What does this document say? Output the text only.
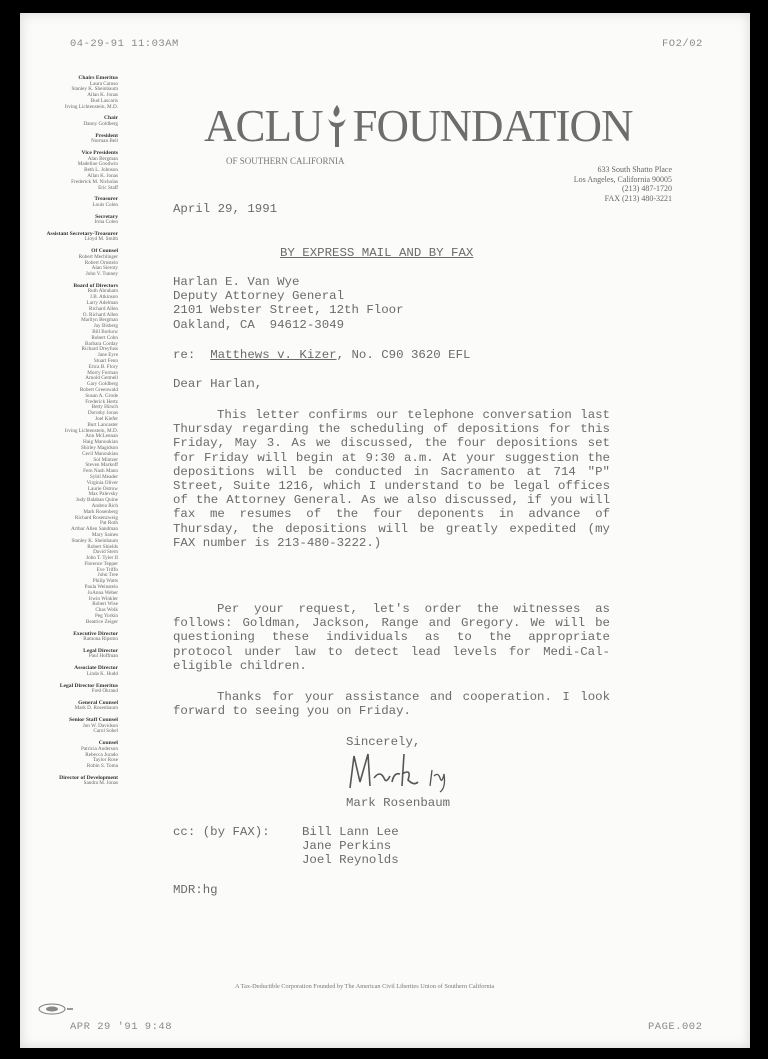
04-29-91 11:03AM	FO2/02
Chairs Emeritus
Laura Caruso
Stanley K. Sheinbaum
Allan K. Jonas
Bud Lascaris
Irving Lichtenstein, M.D.
Chair
Danny Goldberg
President
Norman Bell
Vice Presidents
Alan Bergman
Madeline Goodwin
Beth L. Johnson
Allan K. Jonas
Frederick M. Nicholas
Eric Staff
Treasurer
Louis Colen
Secretary
Irma Colen
Assistant Secretary-Treasurer
Lloyd M. Smith
Of Counsel
Robert Mechlinger
Robert Ornstein
Alan Sieroty
John V. Tunney
Board of Directors
Ruth Abraham
J.B. Atkinson
Larry Adelman
Richard Allen
O. Richard Allen
Marilyn Bergman
Jay Bisberg
Bill Borkow
Robert Cohn
Barbara Corday
Richard Dreyfuss
Jane Eyre
Stuart Fenn
Erica B. Flory
Morry Forman
Arnold Getmell
Gary Goldberg
Robert Greenwald
Susan A. Grode
Frederick Hertz
Betty Hirsch
Dorothy Jonas
Joel Kiefer
Burt Lancaster
Irving Lichtenstein, M.D.
Ann McLennan
Haig Manoukian
Shirley Magidson
Cecil Manoukian
Sol Mintzer
Steven Markoff
Fern Nash Mann
Sybil Meader
Virginia Oliver
Laurie Ostrow
Max Palevsky
Judy Balaban Quine
Andrea Rich
Mark Rosenberg
Richard Rosenzweig
Pat Roth
Arthur Allen Sandman
Mary Saines
Stanley K. Sheinbaum
Robert Shields
David Stern
John T. Tyler II
Florence Tepper
Eve Triffo
John Tree
Philip Watts
Paula Weinstein
JoAnna Weber
Irwin Winkler
Robert Wise
Chas Wolk
Peg Yorkin
Beatrice Zeiger
Executive Director
Ramona Ripston
Legal Director
Paul Hoffman
Associate Director
Linda K. Hudd
Legal Director Emeritus
Fred Okrand
General Counsel
Mark D. Rosenbaum
Senior Staff Counsel
Jon W. Davidson
Carol Sobel
Counsel
Patricia Anderson
Rebecca Jurado
Taylor Rose
Robin S. Toma
Director of Development
Sandra M. Jonas
ACLU FOUNDATION
OF SOUTHERN CALIFORNIA
633 South Shatto Place
Los Angeles, California 90005
(213) 487-1720
FAX (213) 480-3221
April 29, 1991
BY EXPRESS MAIL AND BY FAX
Harlan E. Van Wye
Deputy Attorney General
2101 Webster Street, 12th Floor
Oakland, CA  94612-3049
re: Matthews v. Kizer, No. C90 3620 EFL
Dear Harlan,
This letter confirms our telephone conversation last Thursday regarding the scheduling of depositions for this Friday, May 3. As we discussed, the four depositions set for Friday will begin at 9:30 a.m. At your suggestion the depositions will be conducted in Sacramento at 714 "P" Street, Suite 1216, which I understand to be legal offices of the Attorney General. As we also discussed, if you will fax me resumes of the four deponents in advance of Thursday, the depositions will be greatly expedited (my FAX number is 213-480-3222.)
Per your request, let's order the witnesses as follows: Goldman, Jackson, Range and Gregory. We will be questioning these individuals as to the appropriate protocol under law to detect lead levels for Medi-Cal-eligible children.
Thanks for your assistance and cooperation. I look forward to seeing you on Friday.
Sincerely,
Mark Rosenbaum
cc: (by FAX):	Bill Lann Lee
Jane Perkins
Joel Reynolds
MDR:hg
A Tax-Deductible Corporation Founded by The American Civil Liberties Union of Southern California
APR 29 '91 9:48	PAGE.002
